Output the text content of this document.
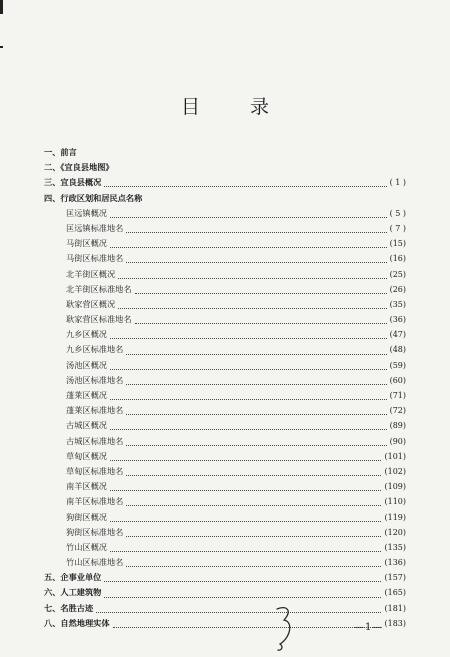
目 录
一、前言
二、《宜良县地图》
三、宜良县概况	( 1 )
四、行政区划和居民点名称
匡远镇概况	( 5 )
匡远镇标准地名	( 7 )
马街区概况	(15)
马街区标准地名	(16)
北羊街区概况	(25)
北羊街区标准地名	(26)
耿家营区概况	(35)
耿家营区标准地名	(36)
九乡区概况	(47)
九乡区标准地名	(48)
汤池区概况	(59)
汤池区标准地名	(60)
蓬莱区概况	(71)
蓬莱区标准地名	(72)
古城区概况	(89)
古城区标准地名	(90)
草甸区概况	(101)
草甸区标准地名	(102)
南羊区概况	(109)
南羊区标准地名	(110)
狗街区概况	(119)
狗街区标准地名	(120)
竹山区概况	(135)
竹山区标准地名	(136)
五、企事业单位	(157)
六、人工建筑物	(165)
七、名胜古迹	(181)
八、自然地理实体	(183)
—1—
